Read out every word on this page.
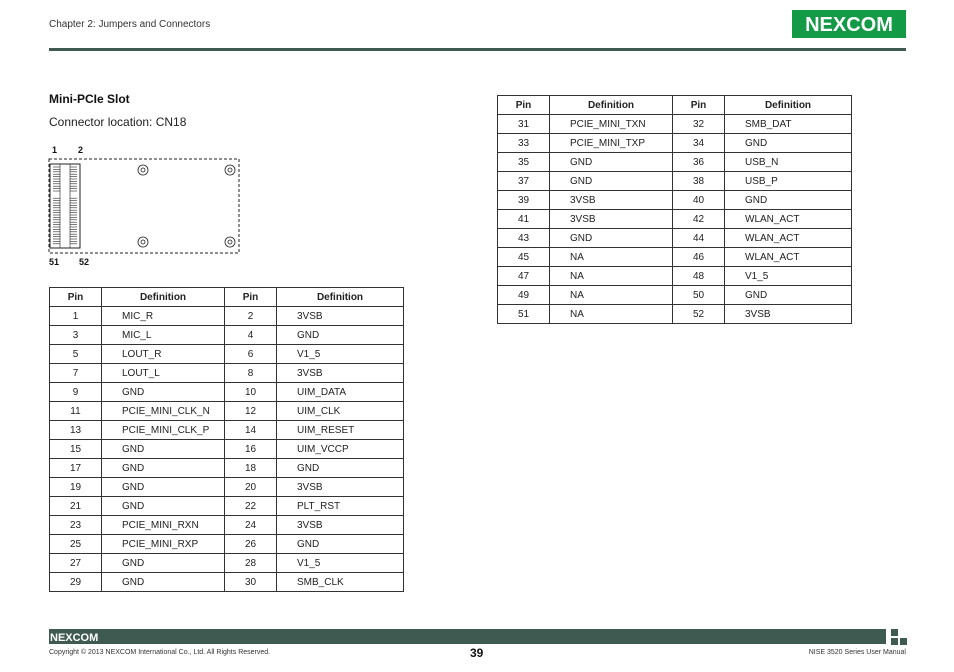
Chapter 2: Jumpers and Connectors	NEXCOM
Mini-PCIe Slot
Connector location: CN18
1 2
51 52
Pin	Definition	Pin	Definition
1	MIC_R	2	3VSB
3	MIC_L	4	GND
5	LOUT_R	6	V1_5
7	LOUT_L	8	3VSB
9	GND	10	UIM_DATA
11	PCIE_MINI_CLK_N	12	UIM_CLK
13	PCIE_MINI_CLK_P	14	UIM_RESET
15	GND	16	UIM_VCCP
17	GND	18	GND
19	GND	20	3VSB
21	GND	22	PLT_RST
23	PCIE_MINI_RXN	24	3VSB
25	PCIE_MINI_RXP	26	GND
27	GND	28	V1_5
29	GND	30	SMB_CLK
Pin	Definition	Pin	Definition
31	PCIE_MINI_TXN	32	SMB_DAT
33	PCIE_MINI_TXP	34	GND
35	GND	36	USB_N
37	GND	38	USB_P
39	3VSB	40	GND
41	3VSB	42	WLAN_ACT
43	GND	44	WLAN_ACT
45	NA	46	WLAN_ACT
47	NA	48	V1_5
49	NA	50	GND
51	NA	52	3VSB
NEXCOM
Copyright © 2013 NEXCOM International Co., Ltd. All Rights Reserved.	39	NISE 3520 Series User Manual
